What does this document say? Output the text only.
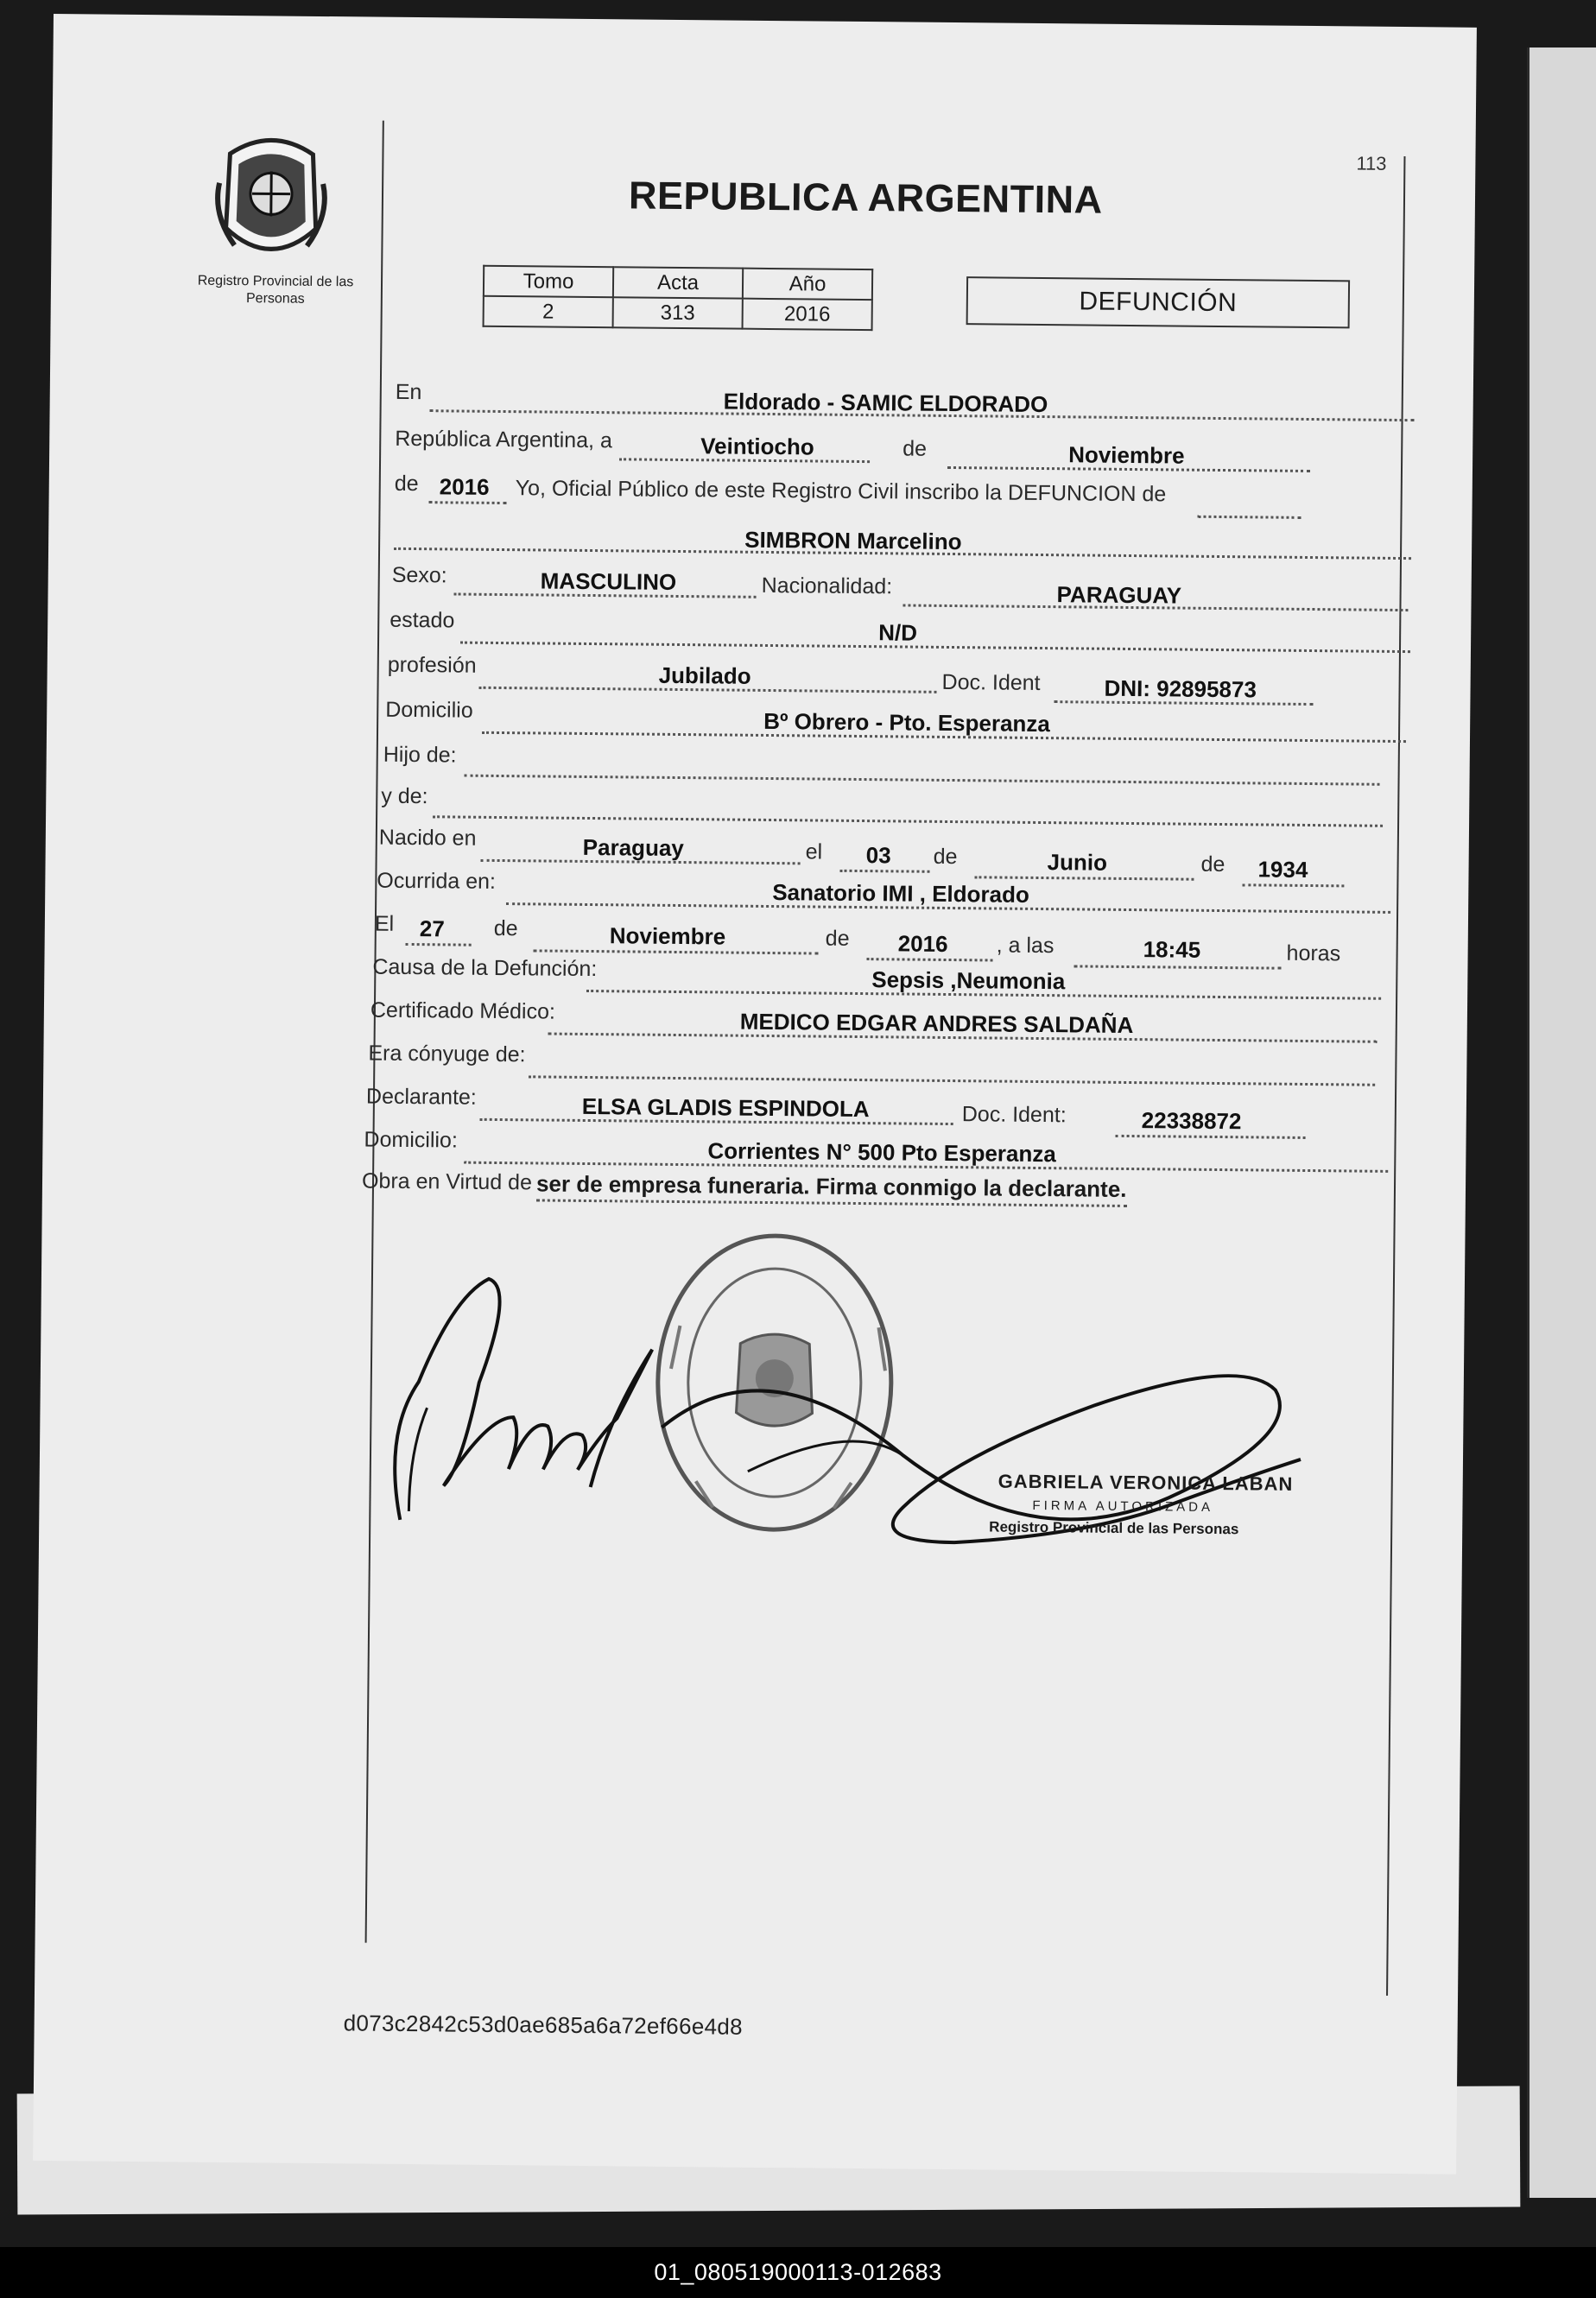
Registro Provincial de las Personas
113
REPUBLICA ARGENTINA
Tomo	Acta	Año
2	313	2016	DEFUNCIÓN
En	Eldorado - SAMIC ELDORADO
República Argentina, a	Veintiocho	de	Noviembre
de 2016 Yo, Oficial Público de este Registro Civil inscribo la DEFUNCION de
SIMBRON Marcelino
Sexo:	MASCULINO	Nacionalidad:	PARAGUAY
estado	N/D
profesión	Jubilado	Doc. Ident	DNI: 92895873
Domicilio	Bº Obrero - Pto. Esperanza
Hijo de:
y de:
Nacido en	Paraguay	el 03 de	Junio	de 1934
Ocurrida en:	Sanatorio IMI , Eldorado
El 27 de	Noviembre	de 2016 , a las	18:45	horas
Causa de la Defunción:	Sepsis ,Neumonia
Certificado Médico:	MEDICO EDGAR ANDRES SALDAÑA
Era cónyuge de:
Declarante:	ELSA GLADIS ESPINDOLA	Doc. Ident:	22338872
Domicilio:	Corrientes N° 500 Pto Esperanza
Obra en Virtud de ser de empresa funeraria. Firma conmigo la declarante.
GABRIELA VERONICA LABAN
FIRMA AUTORIZADA
Registro Provincial de las Personas
d073c2842c53d0ae685a6a72ef66e4d8
01_080519000113-012683
